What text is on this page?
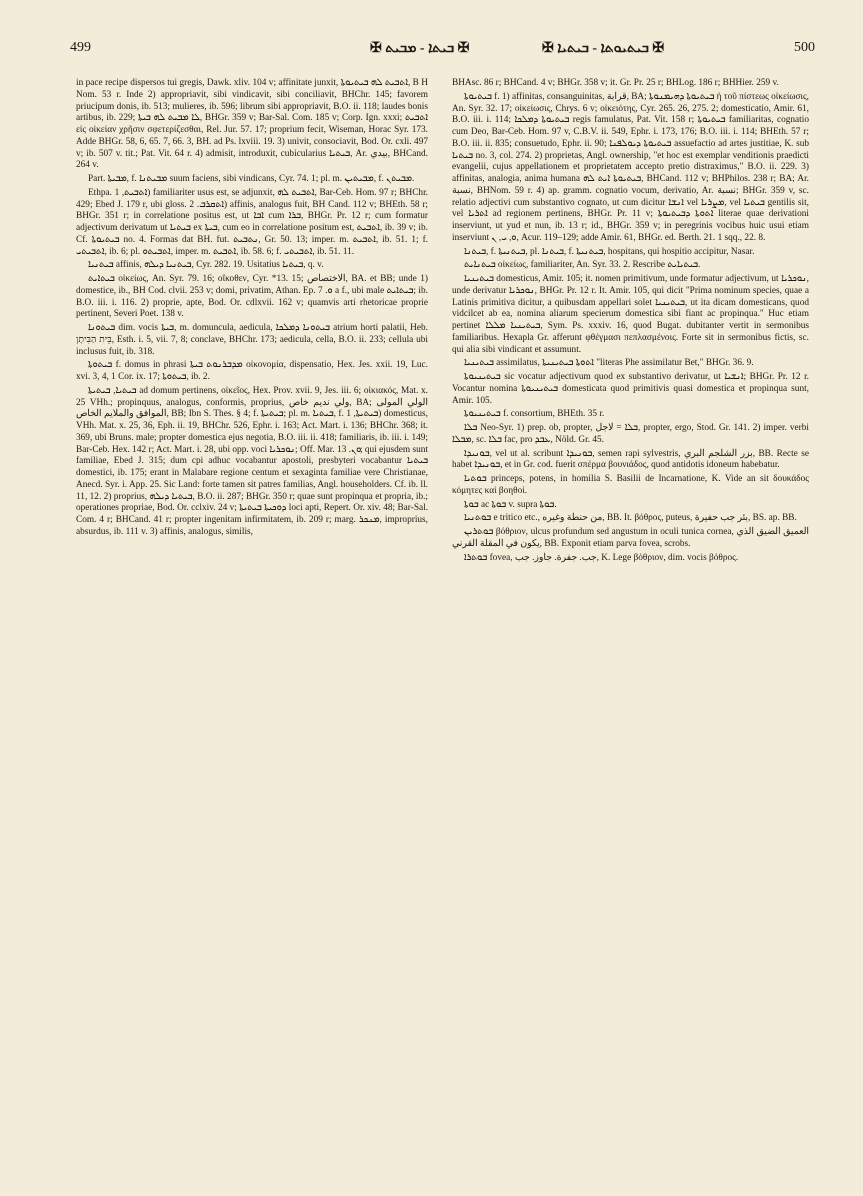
499	✠ ܒܝܬܐ - ܡܒܝܬ ✠	✠ ܒܝܬܝܘܬܐ - ܒܝܬܝܐ ✠	500

in pace recipe dispersos tui gregis, Dawk. xliv. 104 v; affinitate junxit, ܐܬܒܝܬ ܠܗ ܒܝܬܝܘܬܐ, B H Nom. 53 r. Inde 2) appropriavit, sibi vindicavit, sibi conciliavit, BHChr. 145; favorem priucipum donis, ib. 513; mulieres, ib. 596; librum sibi appropriavit, B.O. ii. 118; laudes bonis artibus, ib. 229; ܠܐ ܡܒܝܬ ܠܗ ܒܝܬܐ, BHGr. 359 v; Bar-Sal. Com. 185 v; Corp. Ign. xxxi; ܐܬܒܝܬ εἰς οἰκείαν χρῆσιν σφετερίζεσθαι, Rel. Jur. 57. 17; proprium fecit, Wiseman, Horac Syr. 173. Adde BHGr. 58, 6, 65. 7, 66. 3, BH. ad Ps. lxviii. 19. 3) univit, consociavit, Bod. Or. cxli. 497 v; ib. 507 v. tit.; Pat. Vit. 64 r. 4) admisit, introduxit, cubicularius ܒܝܬܝܐ, Ar. بيدي, BHCand. 264 v.

Part. ܡܒܝܬܐ, f. ܡܒܝܬܢܐ suum faciens, sibi vindicans, Cyr. 74. 1; pl. m. ܡܒܝܬܝܢ, f. ܡܒܝܬܢ.

Ethpa. ܐܬܒܝܬ, 1) familiariter usus est, se adjunxit, ܐܬܒܝܬ ܠܗ, Bar-Ceb. Hom. 97 r; BHChr. 429; Ebed J. 179 r, ubi gloss. ܐܬܩܪܒ. 2) affinis, analogus fuit, BH Cand. 112 v; BHEth. 58 r; BHGr. 351 r; in correlatione positus est, ut ܐܒܐ cum ܒܪܐ, BHGr. Pr. 12 r; cum formatur adjectivum derivatum ut ܒܝܬܝܐ ex ܒܝܬܐ, cum eo in correlatione positum est, ܐܬܒܝܬ, ib. 39 v; ib. Cf. ܒܝܬܝܘܬܐ no. 4. Formas dat BH. fut. ܢܬܒܝܬ, Gr. 50. 13; imper. m. ܐܬܒܝܬ, ib. 51. 1; f. ܐܬܒܝܬܝ, ib. 6; pl. ܐܬܒܝܬܘ, imper. m. ܐܬܒܝܬ, ib. 58. 6; f. ܐܬܒܝܬܝ, ib. 51. 11.

ܒܝܬܢܝܐ affinis, ܒܝܬܢܝܐ ܕܝܠܗ, Cyr. 282. 19. Usitatius ܒܝܬܝܐ, q. v.

ܒܝܬܐܝܬ οἰκείως, An. Syr. 79. 16; οἴκοθεν, Cyr. *13. 15; الاختصاص, BA. et BB; unde 1) domestice, ib., BH Cod. clvii. 253 v; domi, privatim, Athan. Ep. ܘ. 7 a f., ubi male ܒܝܬܐܝܬ; ib. B.O. iii. i. 116. 2) proprie, apte, Bod. Or. cdlxvii. 162 v; quamvis arti rhetoricae proprie pertinent, Severi Poet. 138 v.

ܒܝܬܘܢܐ dim. vocis ܒܝܬܐ, m. domuncula, aedicula, ܒܝܬܘܢܐ ܕܡܠܟܐ atrium horti palatii, Heb. בֵּית הַבִּיתָן, Esth. i. 5, vii. 7, 8; conclave, BHChr. 173; aedicula, cella, B.O. ii. 233; cellula ubi inclusus fuit, ib. 318.

ܒܝܬܘܬܐ f. domus in phrasi ܡܕܒܪܢܘܬ ܒܝܬܐ οἰκονομία, dispensatio, Hex. Jes. xxii. 19, Luc. xvi. 3, 4, 1 Cor. ix. 17; ܒܝܬܘܬܐ, ib. 2.

ܒܝܬܝܐ, ܒܝܬܝܬܐ ad domum pertinens, οἰκεῖος, Hex. Prov. xvii. 9, Jes. iii. 6; οἰκιακός, Mat. x. 25 VHh.; propinquus, analogus, conformis, proprius, ولي ندیم خاص, BA; الولي المولى الموافق والملايم الخاص, BB; Ibn S. Thes. § 4; f. ܒܝܬܝܬܐ; pl. m. ܒܝܬܝܐ, f. ܒܝܬܝܬܐ, 1) domesticus, VHh. Mat. x. 25, 36, Eph. ii. 19, BHChr. 526, Ephr. i. 163; Act. Mart. i. 136; BHChr. 368; it. 369, ubi Bruns. male; propter domestica ejus negotia, B.O. iii. ii. 418; familiaris, ib. iii. i. 149; Bar-Ceb. Hex. 142 r; Act. Mart. i. 28, ubi opp. voci ܢܘܟܪܝܐ; Off. Mar. ܘܢ. 13; qui ejusdem sunt familiae, Ebed J. 315; dum cpi adhuc vocabantur apostoli, presbyteri vocabantur ܒܝܬܝܐ domestici, ib. 175; erant in Malabare regione centum et sexaginta familiae vere Christianae, Anecd. Syr. i. App. 25. Sic Land: forte tamen sit patres familias, Angl. householders. Cf. ib. ll. 11, 12. 2) proprius, ܒܝܬܝܐ ܕܝܠܗ, B.O. ii. 287; BHGr. 350 r; quae sunt propinqua et propria, ib.; operationes propriae, Bod. Or. cclxiv. 24 v; ܕܘܟܝܬܐ ܒܝܬܝܬܐ loci apti, Repert. Or. xiv. 48; Bar-Sal. Com. 4 r; BHCand. 41 r; propter ingenitam infirmitatem, ib. 209 r; marg. ܡܢܟܪ, improprius, absurdus, ib. 111 v. 3) affinis, analogus, similis,

BHAsc. 86 r; BHCand. 4 v; BHGr. 358 v; it. Gr. Pr. 25 r; BHLog. 186 r; BHHier. 259 v.

ܒܝܬܝܘܬܐ f. 1) affinitas, consanguinitas, قرابة, BA; ܒܝܬܝܘܬܐ ܕܗܝܡܢܘܬܐ ἡ τοῦ πίστεως οἰκείωσις, An. Syr. 32. 17; οἰκείωσις, Chrys. 6 v; οἰκειότης, Cyr. 265. 26, 275. 2; domesticatio, Amir. 61, B.O. iii. i. 114; ܒܝܬܝܘܬܐ ܕܡܠܟܐ regis famulatus, Pat. Vit. 158 r; ܒܝܬܝܘܬܐ familiaritas, cognatio cum Deo, Bar-Ceb. Hom. 97 v, C.B.V. ii. 549, Ephr. i. 173, 176; B.O. iii. i. 114; BHEth. 57 r; B.O. iii. ii. 835; consuetudo, Ephr. ii. 90; ܒܝܬܝܘܬܐ ܕܝܘܠܦܢܐ assuefactio ad artes justitiae, K. sub ܒܝܬܝܐ no. 3, col. 274. 2) proprietas, Angl. ownership, "et hoc est exemplar venditionis praedicti evangelii, cujus appellationem et proprietatem accepto pretio distraximus," B.O. ii. 229. 3) affinitas, analogia, anima humana ܒܝܬܝܘܬܐ ܐܝܬ ܠܗ, BHCand. 112 v; BHPhilos. 238 r; BA; Ar. نسبة, BHNom. 59 r. 4) ap. gramm. cognatio vocum, derivatio, Ar. نسبة; BHGr. 359 v, sc. relatio adjectivi cum substantivo cognato, ut cum dicitur ܐܢܫܐ vel ܡܨܪܝܐ, vel ܒܝܬܝܐ gentilis sit, vel ܐܬܪܝܐ ad regionem pertinens, BHGr. Pr. 11 v; ܐܬܘܬܐ ܕܒܝܬܝܘܬܐ literae quae derivationi inserviunt, ut yud et nun, ib. 13 r; id., BHGr. 359 v; in peregrinis vocibus huic usui etiam inserviunt ܘ, ܝ, ܢ, Acur. 119–129; adde Amir. 61, BHGr. ed. Berth. 21. 1 sqq., 22. 8.

ܒܝܬܢܐ, f. ܒܝܬܢܝܬܐ, pl. ܒܝܬܢܐ, f. ܒܝܬܢܝܬܐ, hospitans, qui hospitio accipitur, Nasar.

ܒܝܬܢܐܝܬ οἰκείως, familiariter, An. Syr. 33. 2. Rescribe ܒܝܬܝܐܝܬ.

ܒܝܬܝܢܝܐ domesticus, Amir. 105; it. nomen primitivum, unde formatur adjectivum, ut ܢܘܟܪܝܐ, unde derivatur ܢܘܟܪܝܐ, BHGr. Pr. 12 r. It. Amir. 105, qui dicit "Prima nominum species, quae a Latinis primitiva dicitur, a quibusdam appellari solet ܒܝܬܝܢܝܐ, ut ita dicam domesticans, quod vidcilcet ab ea, nomina aliarum specierum domestica sibi fiant ac propinqua." Huc etiam pertinet ܒܝܬܝܢܝܐ ܡܠܠܐ, Sym. Ps. xxxiv. 16, quod Bugat. dubitanter vertit in sermonibus familiaribus. Hexapla Gr. afferunt φθέγμασι πεπλασμένοις. Forte sit in sermonibus fictis, sc. qui alia sibi vindicant et assumunt.

ܒܝܬܝܢܝܐ assimilatus, ܐܬܘܬܐ ܒܝܬܝܢܝܬܐ "literas Phe assimilatur Bet," BHGr. 36. 9.

ܒܝܬܝܢܝܘܬܐ sic vocatur adjectivum quod ex substantivo derivatur, ut ܐܢܫܝܐ; BHGr. Pr. 12 r. Vocantur nomina ܒܝܬܝܢܝܘܬܐ domesticata quod primitivis quasi domestica et propinqua sunt, Amir. 105.

ܒܝܬܝܢܝܘܬܐ f. consortium, BHEth. 35 r.

ܒܠܐ Neo-Syr. 1) prep. ob, propter, ܒܠܐ = لاجل, propter, ergo, Stod. Gr. 141. 2) imper. verbi ܡܒܠܐ, sc. ܒܠܐ fac, pro ܥܒܕ, Nöld. Gr. 45.

ܒܘܢܝܕܐ, vel ut al. scribunt ܒܘܢܝܕܐ, semen rapi sylvestris, بزر الشلجم البري, BB. Recte se habet ܒܘܢܝܕܐ, et in Gr. cod. fuerit σπέρμα βουνιάδος, quod antidotis idoneum habebatur.

ܒܘܬܝܐ princeps, potens, in homilia S. Basilii de Incarnatione, K. Vide an sit δουκάδος κόμητες καὶ βοηθοί.

ܒܘܬܐ ac ܒܘܬܐ v. supra ܒܘܬܐ.

ܒܘܬܢܝܐ e tritico etc., من حنطة وغيره, BB. It. βόθρος, puteus, بئر جب حفيرة, BS. ap. BB.

ܒܘܬܪܝܢ βόθριον, ulcus profundum sed angustum in oculi tunica cornea, العميق الضيق الذي يكون في المقلة القرني, BB. Exponit etiam parva fovea, scrobs.

ܒܘܬܪܐ fovea, جب. جفرة. جاوز. جب, K. Lege βόθριον, dim. vocis βόθρος.
